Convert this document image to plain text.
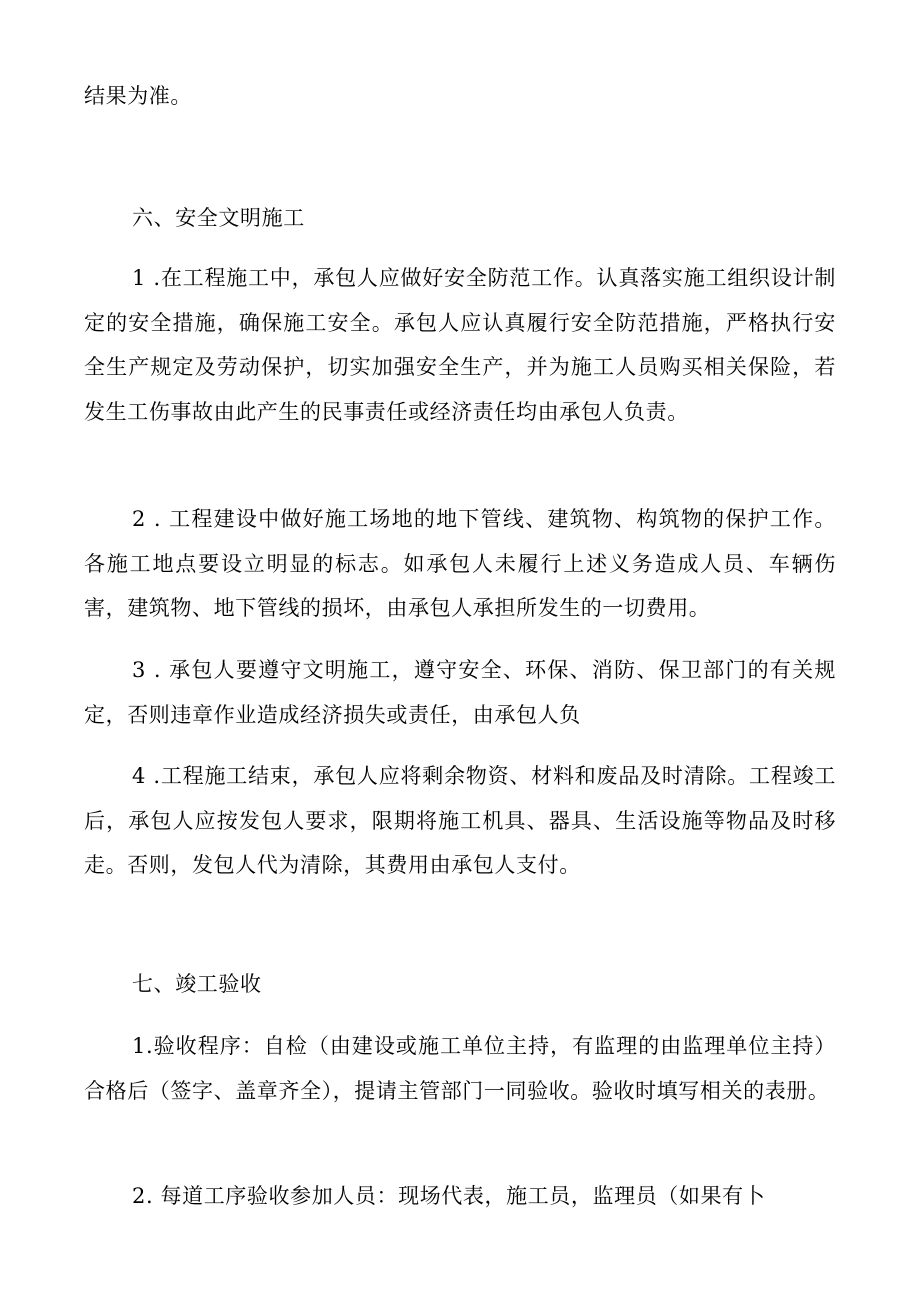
结果为准。

六、安全文明施工

1 .在工程施工中，承包人应做好安全防范工作。认真落实施工组织设计制定的安全措施，确保施工安全。承包人应认真履行安全防范措施，严格执行安全生产规定及劳动保护，切实加强安全生产，并为施工人员购买相关保险，若发生工伤事故由此产生的民事责任或经济责任均由承包人负责。

2 . 工程建设中做好施工场地的地下管线、建筑物、构筑物的保护工作。各施工地点要设立明显的标志。如承包人未履行上述义务造成人员、车辆伤害，建筑物、地下管线的损坏，由承包人承担所发生的一切费用。

3 . 承包人要遵守文明施工，遵守安全、环保、消防、保卫部门的有关规定，否则违章作业造成经济损失或责任，由承包人负

4 .工程施工结束，承包人应将剩余物资、材料和废品及时清除。工程竣工后，承包人应按发包人要求，限期将施工机具、器具、生活设施等物品及时移走。否则，发包人代为清除，其费用由承包人支付。

七、竣工验收

1.验收程序：自检（由建设或施工单位主持，有监理的由监理单位主持）合格后（签字、盖章齐全），提请主管部门一同验收。验收时填写相关的表册。

2. 每道工序验收参加人员：现场代表，施工员，监理员（如果有卜
